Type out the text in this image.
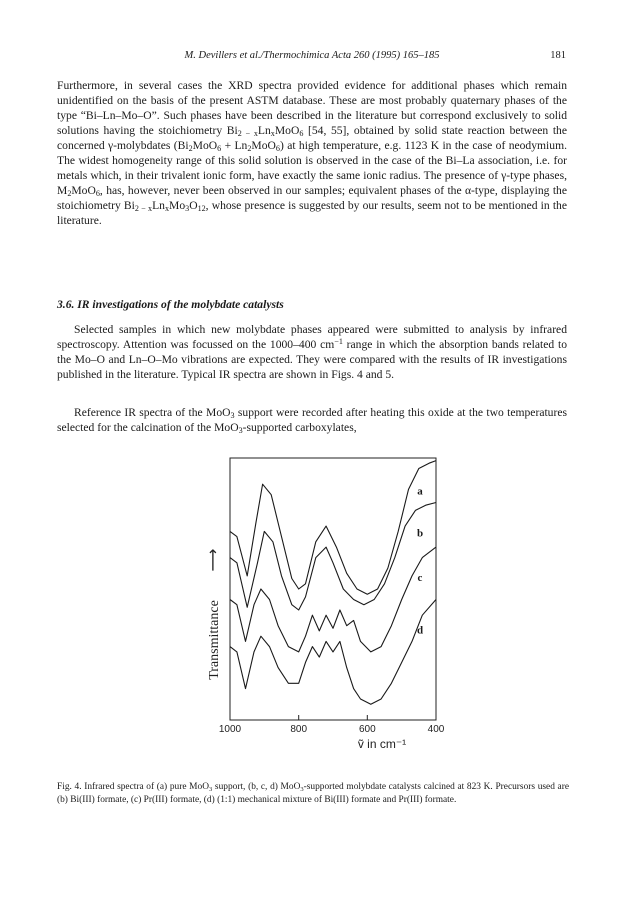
M. Devillers et al./Thermochimica Acta 260 (1995) 165–185	181

Furthermore, in several cases the XRD spectra provided evidence for additional phases which remain unidentified on the basis of the present ASTM database. These are most probably quaternary phases of the type “Bi–Ln–Mo–O”. Such phases have been described in the literature but correspond exclusively to solid solutions having the stoichiometry $Bi_{2 - x}Ln_xMoO_6$ [54, 55], obtained by solid state reaction between the concerned γ-molybdates $(Bi_2MoO_6 + Ln_2MoO_6)$ at high temperature, e.g. 1123 K in the case of neodymium. The widest homogeneity range of this solid solution is observed in the case of the Bi–La association, i.e. for metals which, in their trivalent ionic form, have exactly the same ionic radius. The presence of γ-type phases, $M_2MoO_6$, has, however, never been observed in our samples; equivalent phases of the α-type, displaying the stoichiometry $Bi_{2 - x}Ln_xMo_3O_{12}$, whose presence is suggested by our results, seem not to be mentioned in the literature.

3.6. IR investigations of the molybdate catalysts

Selected samples in which new molybdate phases appeared were submitted to analysis by infrared spectroscopy. Attention was focussed on the 1000–400 $cm^{-1}$ range in which the absorption bands related to the Mo–O and Ln–O–Mo vibrations are expected. They were compared with the results of IR investigations published in the literature. Typical IR spectra are shown in Figs. 4 and 5.

Reference IR spectra of the MoO$_3$ support were recorded after heating this oxide at the two temperatures selected for the calcination of the MoO$_3$-supported carboxylates,

a
b
c
d
1000	800	600	400
Transmittance
⟶
ṽ in cm⁻¹

Fig. 4. Infrared spectra of (a) pure MoO$_3$ support, (b, c, d) MoO$_3$-supported molybdate catalysts calcined at 823 K. Precursors used are (b) Bi(III) formate, (c) Pr(III) formate, (d) (1:1) mechanical mixture of Bi(III) formate and Pr(III) formate.
